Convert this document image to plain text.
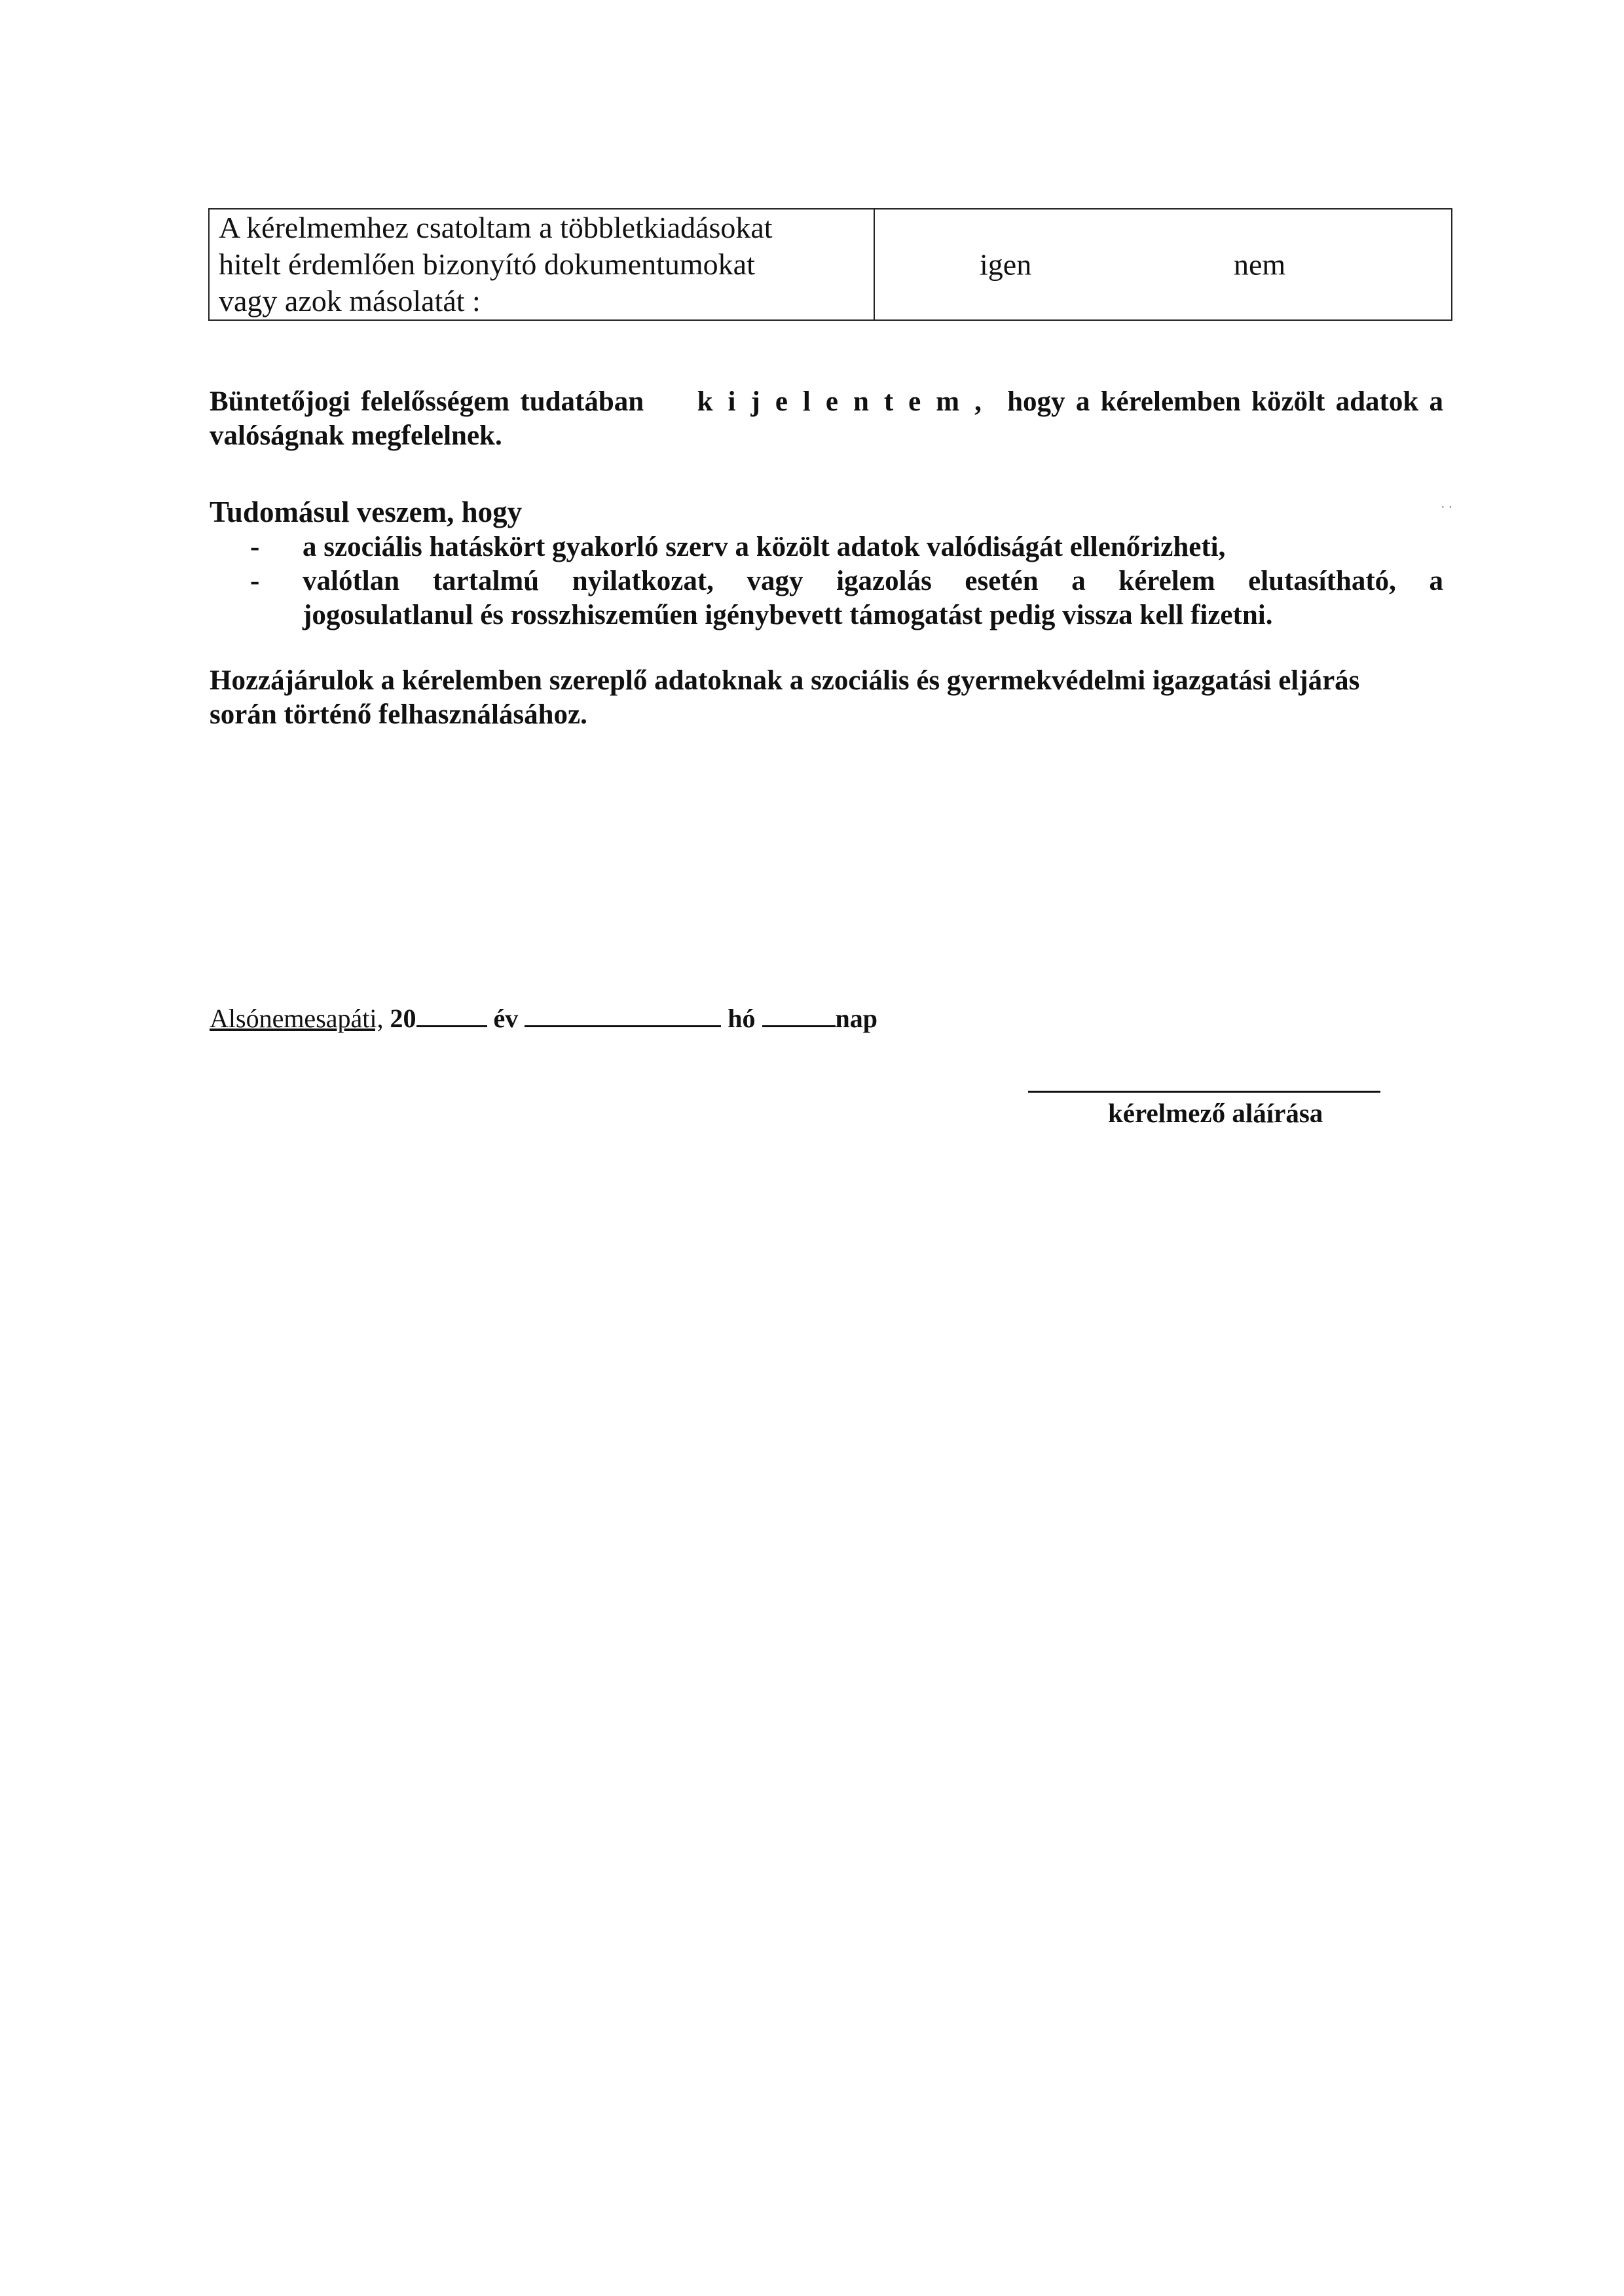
A kérelmemhez csatoltam a többletkiadásokat
hitelt érdemlően bizonyító dokumentumokat
vagy azok másolatát :

igen	nem
Büntetőjogi felelősségem tudatában kijelentem, hogy a kérelemben közölt adatok a
valóságnak megfelelnek.
Tudomásul veszem, hogy
- a szociális hatáskört gyakorló szerv a közölt adatok valódiságát ellenőrizheti,
- valótlan tartalmú nyilatkozat, vagy igazolás esetén a kérelem elutasítható, a
jogosulatlanul és rosszhiszeműen igénybevett támogatást pedig vissza kell fizetni.
Hozzájárulok a kérelemben szereplő adatoknak a szociális és gyermekvédelmi igazgatási eljárás
során történő felhasználásához.
Alsónemesapáti, 20	év	hó	nap
kérelmező aláírása
· ·
